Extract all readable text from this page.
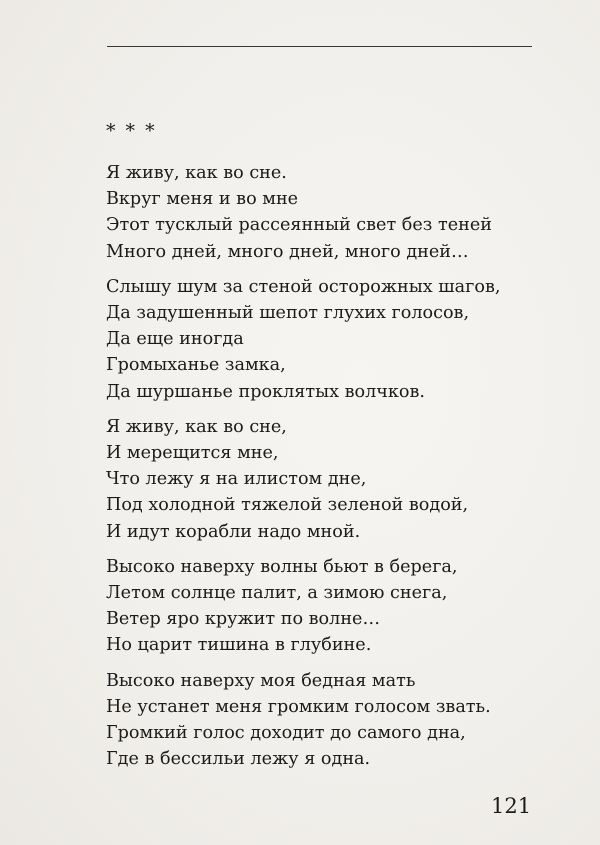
* * *
Я живу, как во сне.
Вкруг меня и во мне
Этот тусклый рассеянный свет без теней
Много дней, много дней, много дней…
Слышу шум за стеной осторожных шагов,
Да задушенный шепот глухих голосов,
Да еще иногда
Громыханье замка,
Да шуршанье проклятых волчков.
Я живу, как во сне,
И мерещится мне,
Что лежу я на илистом дне,
Под холодной тяжелой зеленой водой,
И идут корабли надо мной.
Высоко наверху волны бьют в берега,
Летом солнце палит, а зимою снега,
Ветер яро кружит по волне…
Но царит тишина в глубине.
Высоко наверху моя бедная мать
Не устанет меня громким голосом звать.
Громкий голос доходит до самого дна,
Где в бессильи лежу я одна.
121
